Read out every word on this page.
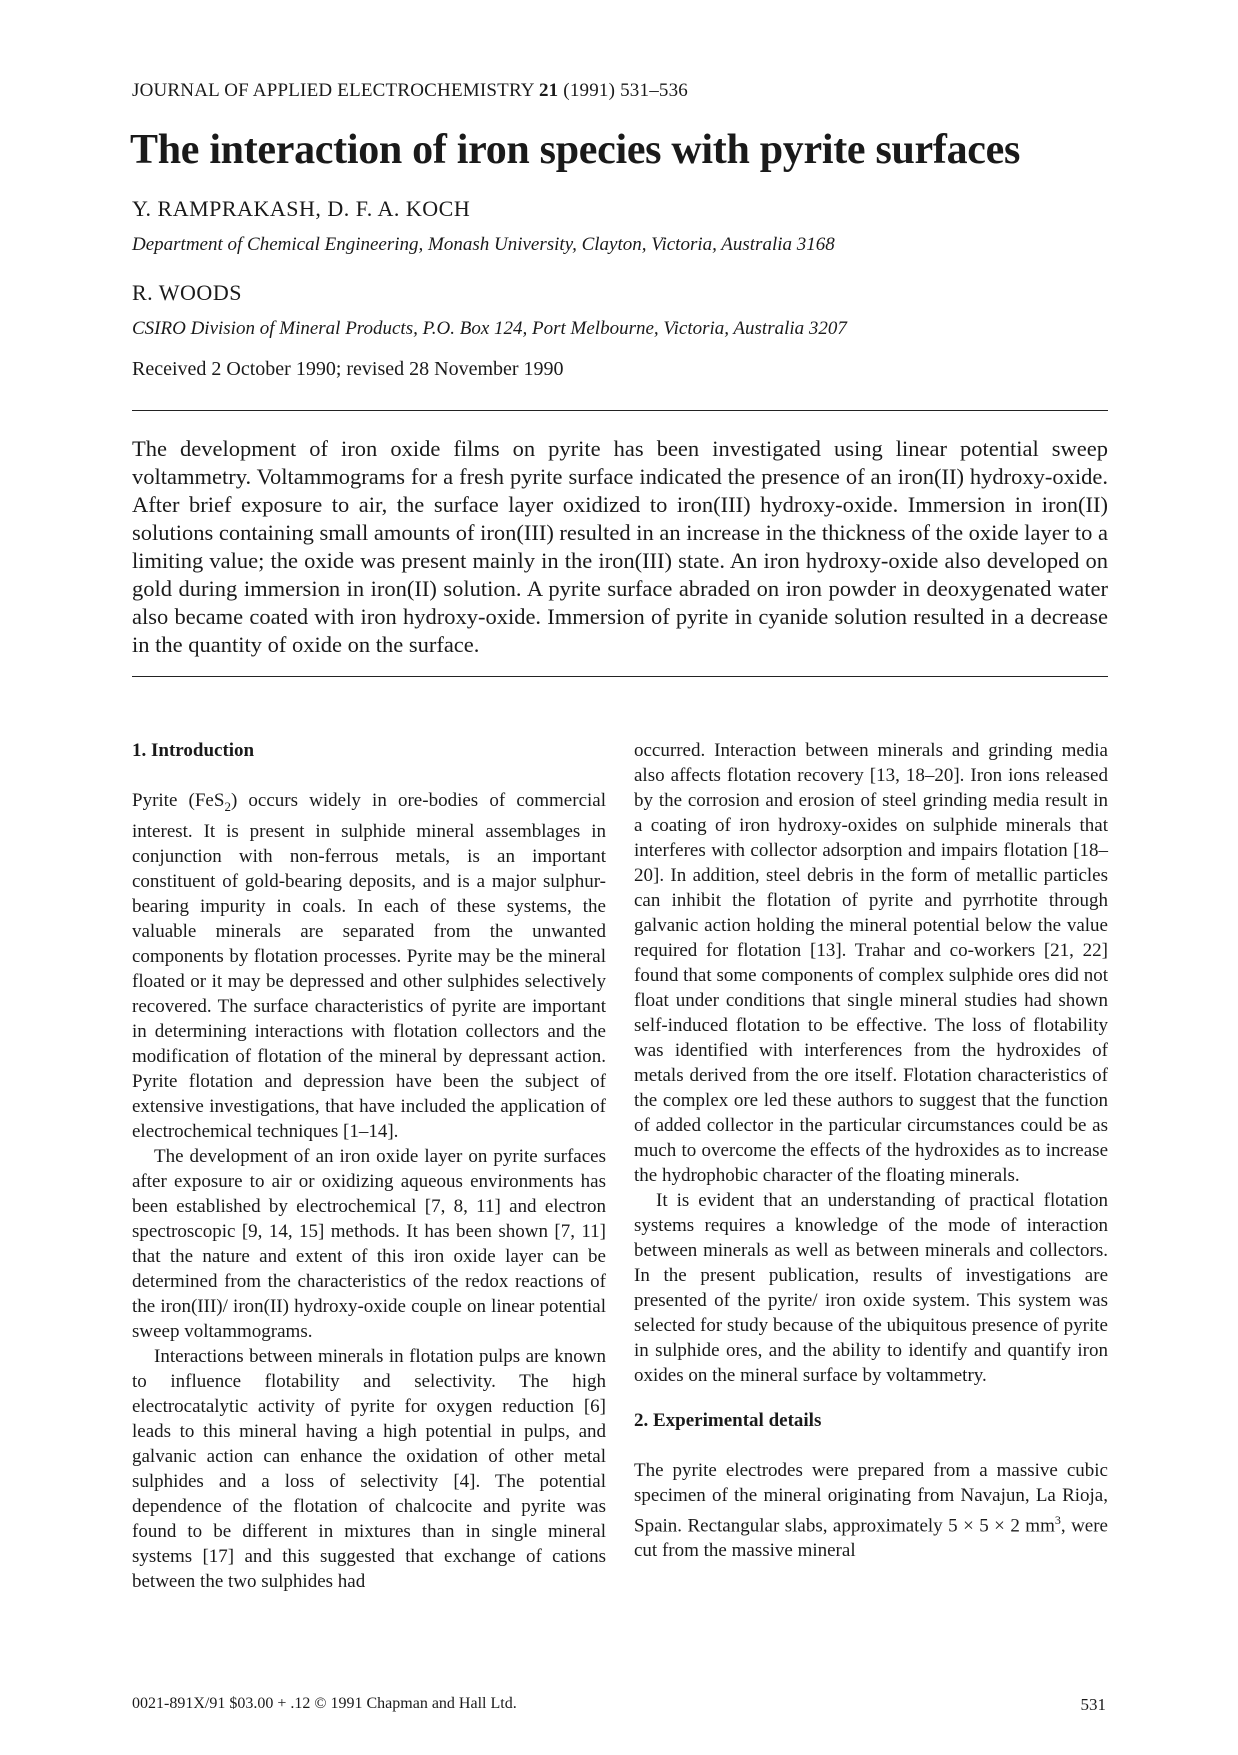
JOURNAL OF APPLIED ELECTROCHEMISTRY 21 (1991) 531–536
The interaction of iron species with pyrite surfaces
Y. RAMPRAKASH, D. F. A. KOCH
Department of Chemical Engineering, Monash University, Clayton, Victoria, Australia 3168
R. WOODS
CSIRO Division of Mineral Products, P.O. Box 124, Port Melbourne, Victoria, Australia 3207
Received 2 October 1990; revised 28 November 1990

The development of iron oxide films on pyrite has been investigated using linear potential sweep voltammetry. Voltammograms for a fresh pyrite surface indicated the presence of an iron(II) hydroxy-oxide. After brief exposure to air, the surface layer oxidized to iron(III) hydroxy-oxide. Immersion in iron(II) solutions containing small amounts of iron(III) resulted in an increase in the thickness of the oxide layer to a limiting value; the oxide was present mainly in the iron(III) state. An iron hydroxy-oxide also developed on gold during immersion in iron(II) solution. A pyrite surface abraded on iron powder in deoxygenated water also became coated with iron hydroxy-oxide. Immersion of pyrite in cyanide solution resulted in a decrease in the quantity of oxide on the surface.

1. Introduction

Pyrite (FeS$_2$) occurs widely in ore-bodies of commercial interest. It is present in sulphide mineral assemblages in conjunction with non-ferrous metals, is an important constituent of gold-bearing deposits, and is a major sulphur-bearing impurity in coals. In each of these systems, the valuable minerals are separated from the unwanted components by flotation processes. Pyrite may be the mineral floated or it may be depressed and other sulphides selectively recovered. The surface characteristics of pyrite are important in determining interactions with flotation collectors and the modification of flotation of the mineral by depressant action. Pyrite flotation and depression have been the subject of extensive investigations, that have included the application of electrochemical techniques [1–14].

The development of an iron oxide layer on pyrite surfaces after exposure to air or oxidizing aqueous environments has been established by electrochemical [7, 8, 11] and electron spectroscopic [9, 14, 15] methods. It has been shown [7, 11] that the nature and extent of this iron oxide layer can be determined from the characteristics of the redox reactions of the iron(III)/ iron(II) hydroxy-oxide couple on linear potential sweep voltammograms.

Interactions between minerals in flotation pulps are known to influence flotability and selectivity. The high electrocatalytic activity of pyrite for oxygen reduction [6] leads to this mineral having a high potential in pulps, and galvanic action can enhance the oxidation of other metal sulphides and a loss of selectivity [4]. The potential dependence of the flotation of chalcocite and pyrite was found to be different in mixtures than in single mineral systems [17] and this suggested that exchange of cations between the two sulphides had

occurred. Interaction between minerals and grinding media also affects flotation recovery [13, 18–20]. Iron ions released by the corrosion and erosion of steel grinding media result in a coating of iron hydroxy-oxides on sulphide minerals that interferes with collector adsorption and impairs flotation [18–20]. In addition, steel debris in the form of metallic particles can inhibit the flotation of pyrite and pyrrhotite through galvanic action holding the mineral potential below the value required for flotation [13]. Trahar and co-workers [21, 22] found that some components of complex sulphide ores did not float under conditions that single mineral studies had shown self-induced flotation to be effective. The loss of flotability was identified with interferences from the hydroxides of metals derived from the ore itself. Flotation characteristics of the complex ore led these authors to suggest that the function of added collector in the particular circumstances could be as much to overcome the effects of the hydroxides as to increase the hydrophobic character of the floating minerals.

It is evident that an understanding of practical flotation systems requires a knowledge of the mode of interaction between minerals as well as between minerals and collectors. In the present publication, results of investigations are presented of the pyrite/ iron oxide system. This system was selected for study because of the ubiquitous presence of pyrite in sulphide ores, and the ability to identify and quantify iron oxides on the mineral surface by voltammetry.

2. Experimental details

The pyrite electrodes were prepared from a massive cubic specimen of the mineral originating from Navajun, La Rioja, Spain. Rectangular slabs, approximately 5 × 5 × 2 $mm^3$, were cut from the massive mineral

0021-891X/91 $03.00 + .12 © 1991 Chapman and Hall Ltd.	531
